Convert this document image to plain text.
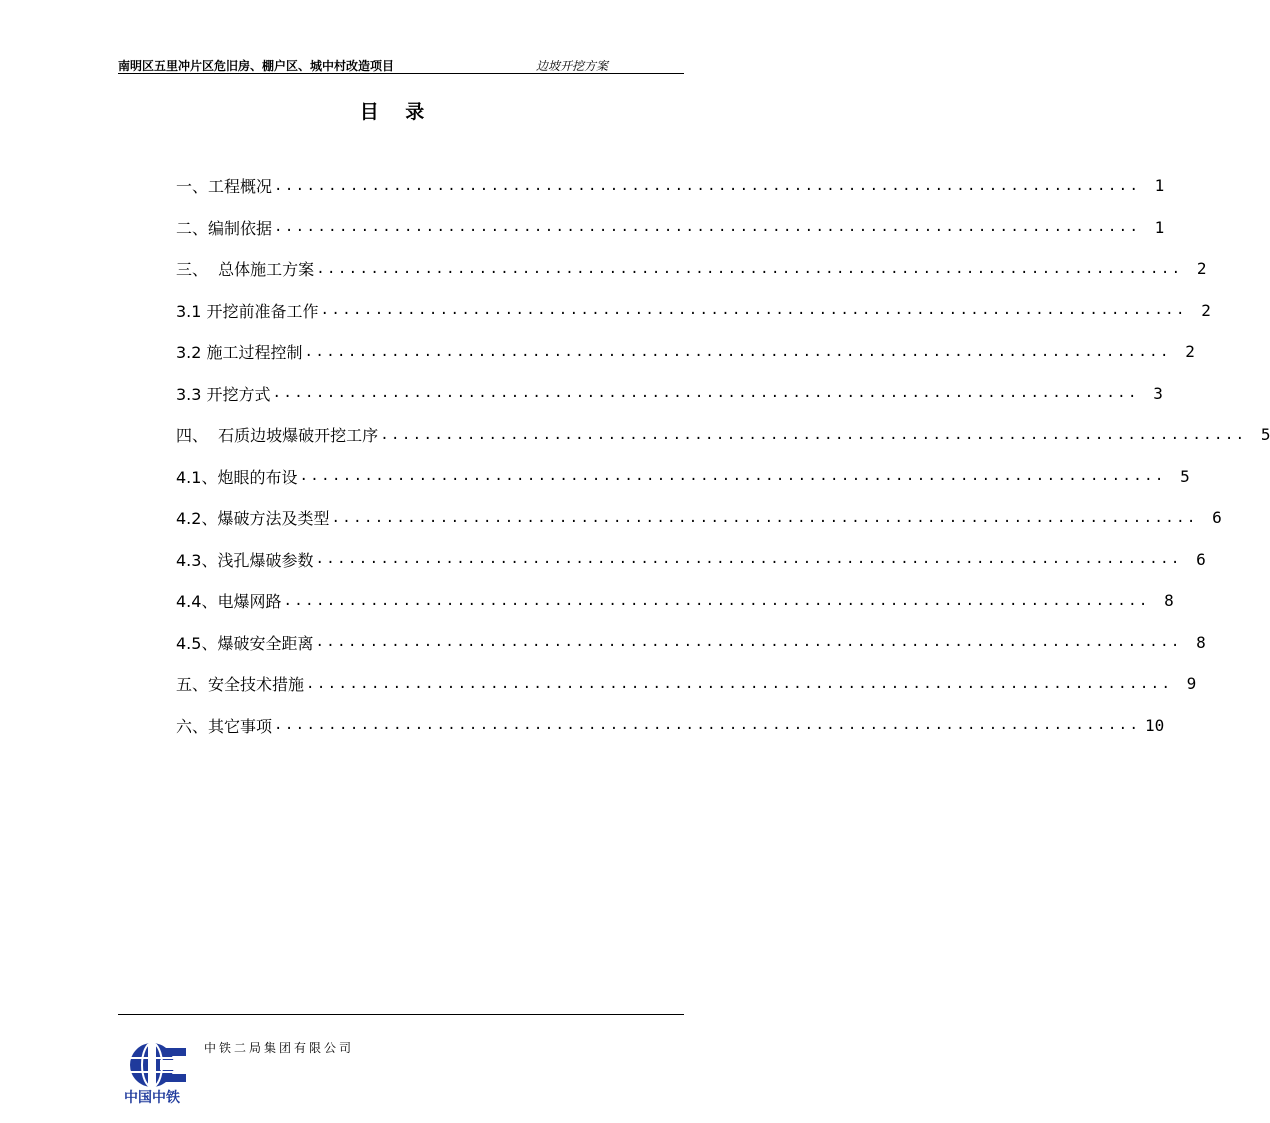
南明区五里冲片区危旧房、棚户区、城中村改造项目	边坡开挖方案
目 录
一、工程概况 ................................................................................ 1
二、编制依据 ................................................................................ 1
三、  总体施工方案 ................................................................................ 2
3.1 开挖前准备工作 ................................................................................ 2
3.2 施工过程控制 ................................................................................ 2
3.3 开挖方式 ................................................................................ 3
四、  石质边坡爆破开挖工序 ................................................................................ 5
4.1、炮眼的布设 ................................................................................ 5
4.2、爆破方法及类型 ................................................................................ 6
4.3、浅孔爆破参数 ................................................................................ 6
4.4、电爆网路 ................................................................................ 8
4.5、爆破安全距离 ................................................................................ 8
五、安全技术措施 ................................................................................ 9
六、其它事项 ................................................................................ 10
中国中铁
中铁二局集团有限公司
